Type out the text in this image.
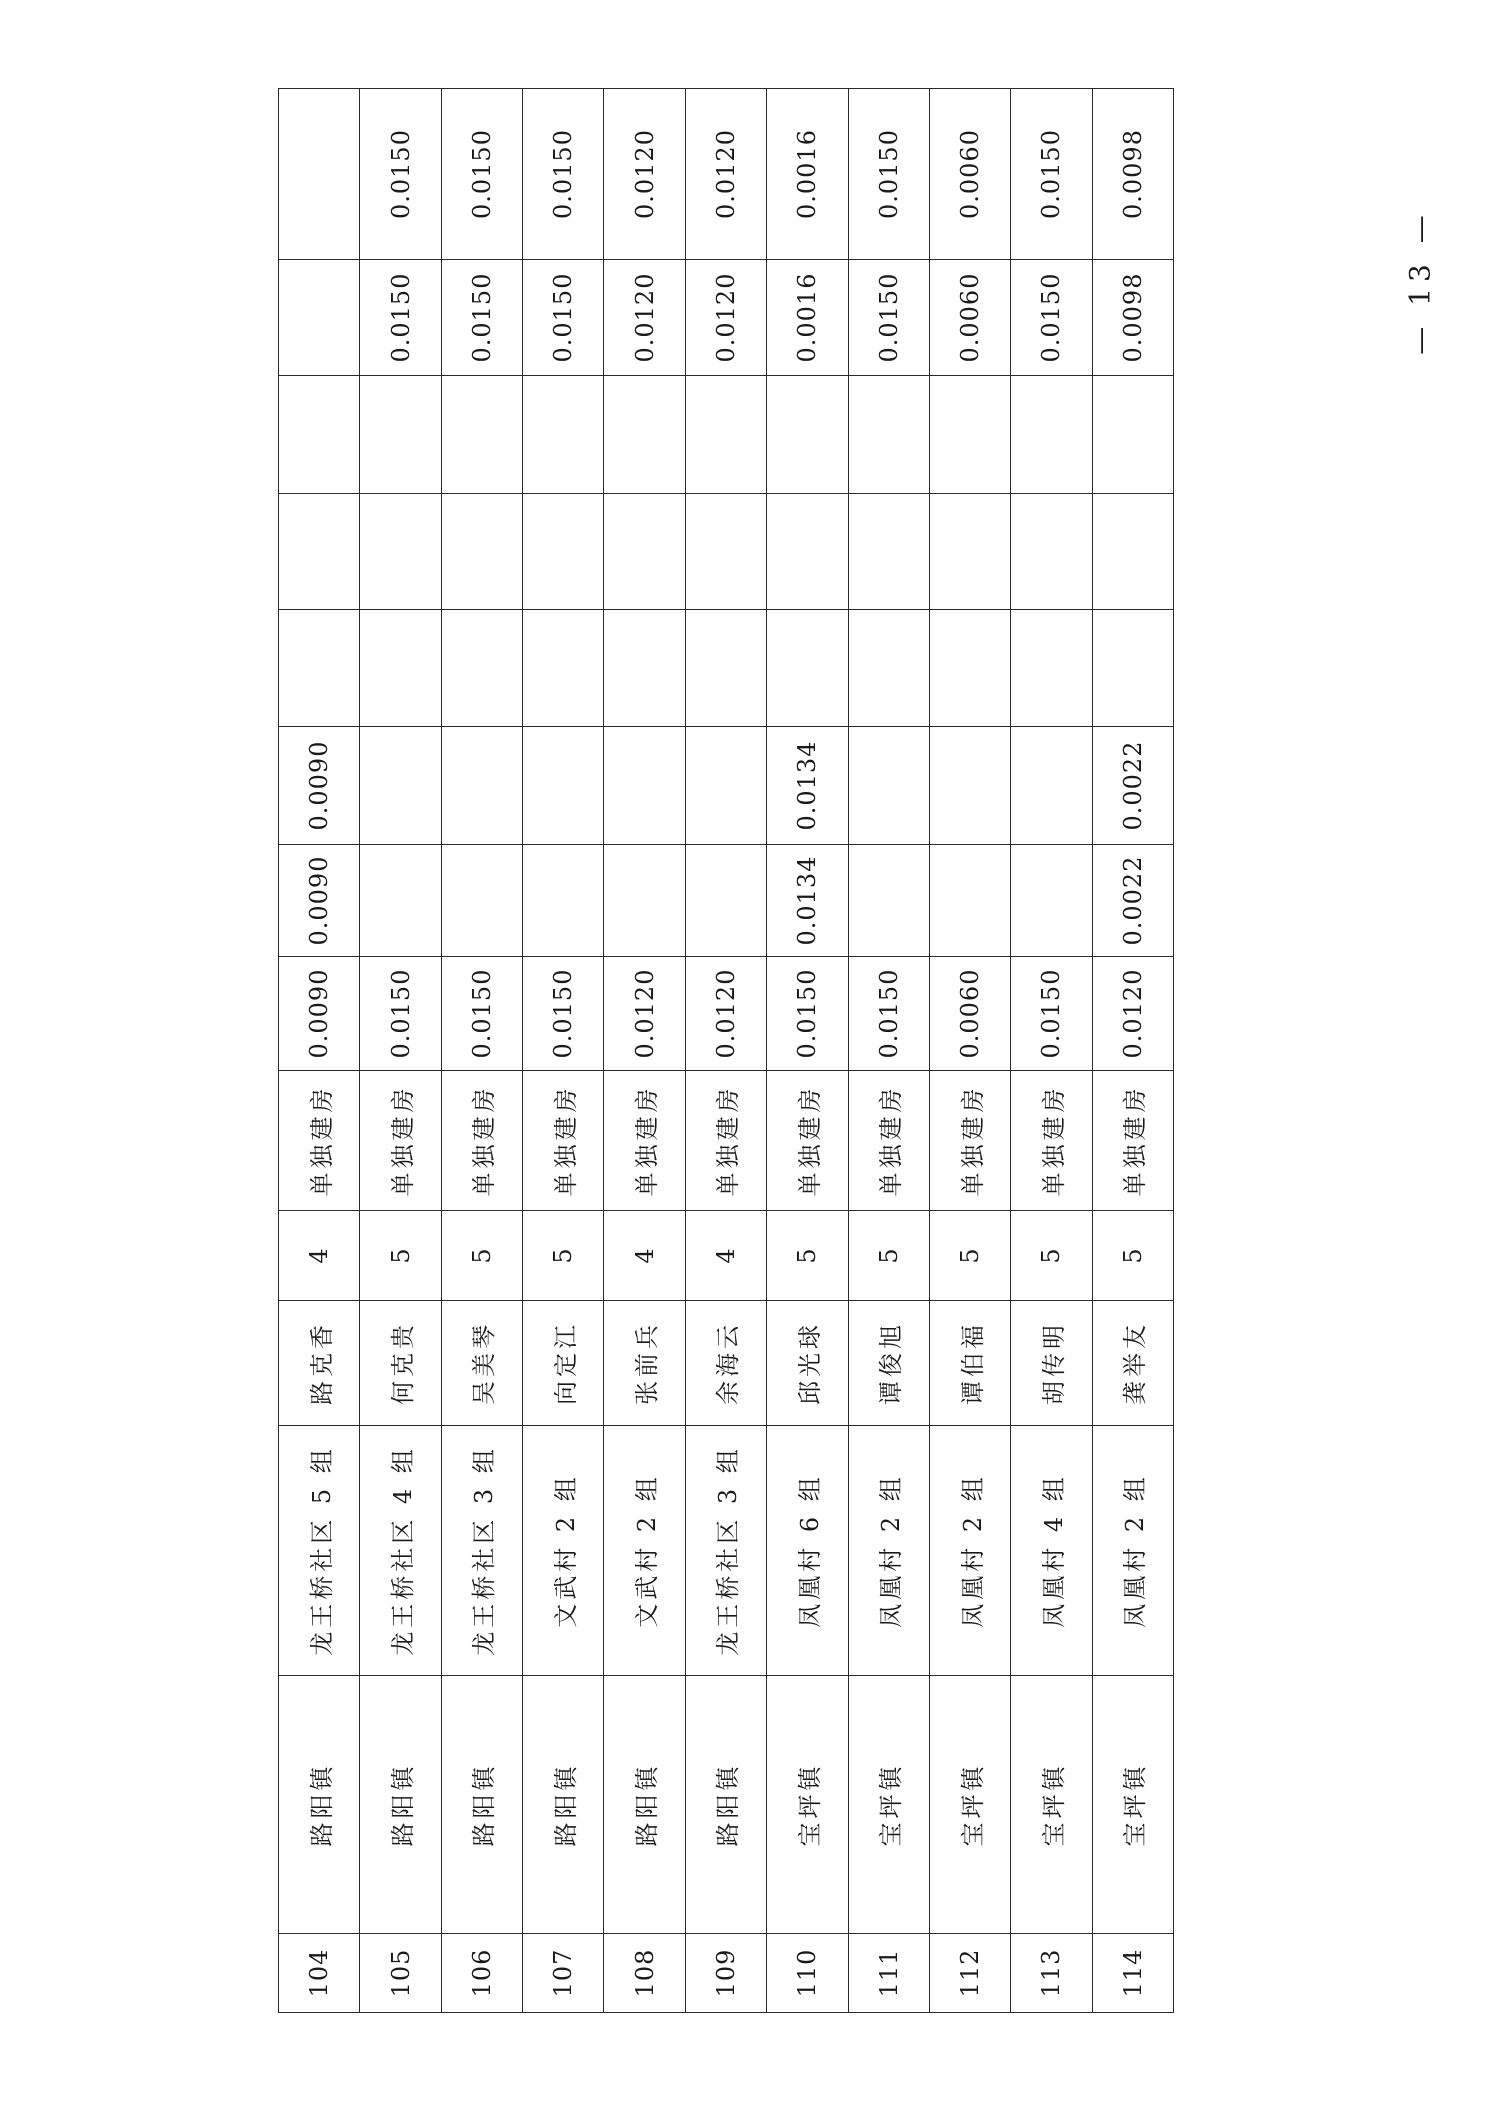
104	路阳镇	龙王桥社区 5 组	路克香	4	单独建房	0.0090	0.0090	0.0090					
105	路阳镇	龙王桥社区 4 组	何克贵	5	单独建房	0.0150						0.0150	0.0150
106	路阳镇	龙王桥社区 3 组	吴美琴	5	单独建房	0.0150						0.0150	0.0150
107	路阳镇	文武村 2 组	向定江	5	单独建房	0.0150						0.0150	0.0150
108	路阳镇	文武村 2 组	张前兵	4	单独建房	0.0120						0.0120	0.0120
109	路阳镇	龙王桥社区 3 组	余海云	4	单独建房	0.0120						0.0120	0.0120
110	宝坪镇	凤凰村 6 组	邱光球	5	单独建房	0.0150	0.0134	0.0134				0.0016	0.0016
111	宝坪镇	凤凰村 2 组	谭俊旭	5	单独建房	0.0150						0.0150	0.0150
112	宝坪镇	凤凰村 2 组	谭伯福	5	单独建房	0.0060						0.0060	0.0060
113	宝坪镇	凤凰村 4 组	胡传明	5	单独建房	0.0150						0.0150	0.0150
114	宝坪镇	凤凰村 2 组	龚举友	5	单独建房	0.0120	0.0022	0.0022				0.0098	0.0098
— 13 —
